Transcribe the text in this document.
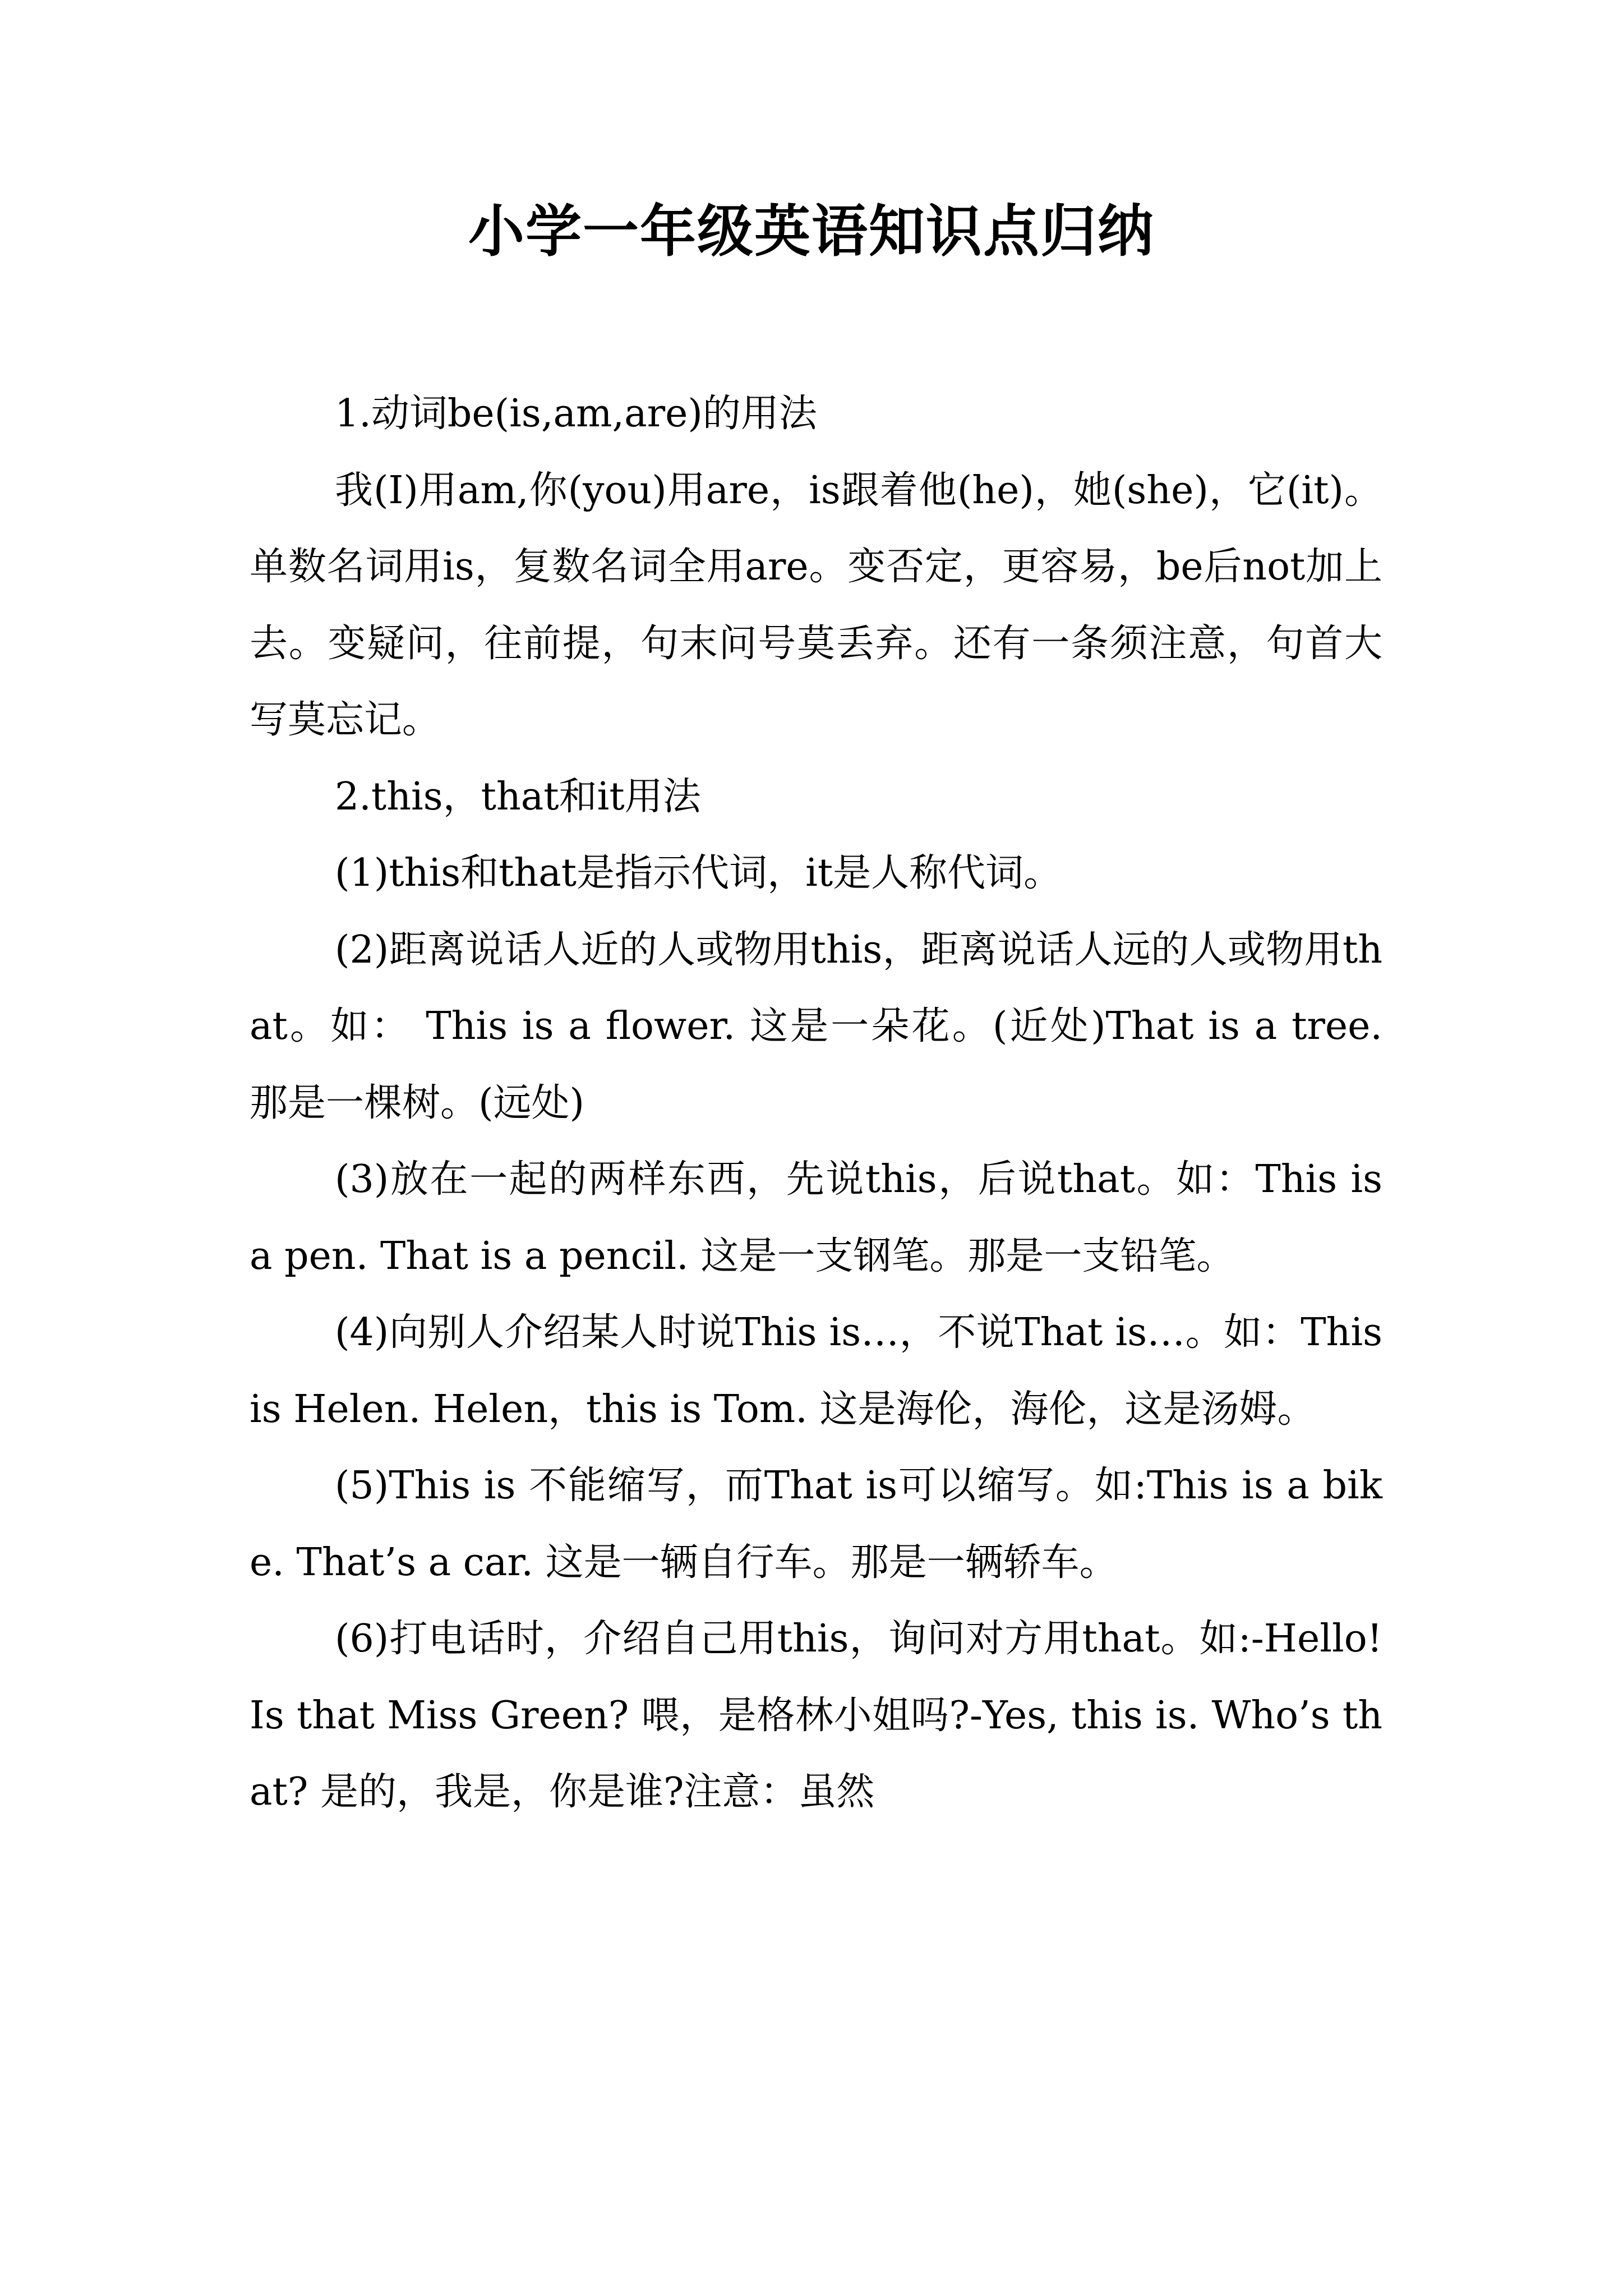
小学一年级英语知识点归纳

1.动词be(is,am,are)的用法

我(I)用am,你(you)用are，is跟着他(he)，她(she)，它(it)。单数名词用is，复数名词全用are。变否定，更容易，be后not加上去。变疑问，往前提，句末问号莫丢弃。还有一条须注意，句首大写莫忘记。

2.this，that和it用法

(1)this和that是指示代词，it是人称代词。

(2)距离说话人近的人或物用this，距离说话人远的人或物用that。如： This is a flower. 这是一朵花。(近处)That is a tree. 那是一棵树。(远处)

(3)放在一起的两样东西，先说this，后说that。如：This is a pen. That is a pencil. 这是一支钢笔。那是一支铅笔。

(4)向别人介绍某人时说This is…，不说That is…。如：This is Helen. Helen，this is Tom. 这是海伦，海伦，这是汤姆。

(5)This is 不能缩写，而That is可以缩写。如:This is a bike. That’s a car. 这是一辆自行车。那是一辆轿车。

(6)打电话时，介绍自己用this，询问对方用that。如:-Hello! Is that Miss Green? 喂，是格林小姐吗?-Yes, this is. Who’s that? 是的，我是，你是谁?注意：虽然
